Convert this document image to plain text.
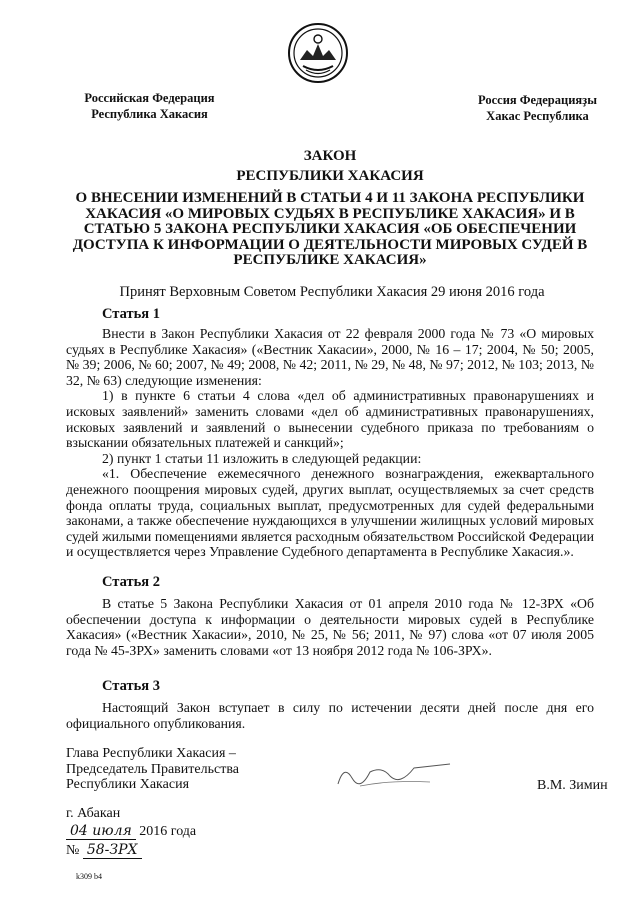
Российская Федерация
Республика Хакасия
Россия Федерацияҙы
Хакас Республика
ЗАКОН
РЕСПУБЛИКИ ХАКАСИЯ
О ВНЕСЕНИИ ИЗМЕНЕНИЙ В СТАТЬИ 4 И 11 ЗАКОНА РЕСПУБЛИКИ ХАКАСИЯ «О МИРОВЫХ СУДЬЯХ В РЕСПУБЛИКЕ ХАКАСИЯ» И В СТАТЬЮ 5 ЗАКОНА РЕСПУБЛИКИ ХАКАСИЯ «ОБ ОБЕСПЕЧЕНИИ ДОСТУПА К ИНФОРМАЦИИ О ДЕЯТЕЛЬНОСТИ МИРОВЫХ СУДЕЙ В РЕСПУБЛИКЕ ХАКАСИЯ»
Принят Верховным Советом Республики Хакасия 29 июня 2016 года
Статья 1

Внести в Закон Республики Хакасия от 22 февраля 2000 года № 73 «О мировых судьях в Республике Хакасия» («Вестник Хакасии», 2000, № 16 – 17; 2004, № 50; 2005, № 39; 2006, № 60; 2007, № 49; 2008, № 42; 2011, № 29, № 48, № 97; 2012, № 103; 2013, № 32, № 63) следующие изменения:

1) в пункте 6 статьи 4 слова «дел об административных правонарушениях и исковых заявлений» заменить словами «дел об административных правонарушениях, исковых заявлений и заявлений о вынесении судебного приказа по требованиям о взыскании обязательных платежей и санкций»;

2) пункт 1 статьи 11 изложить в следующей редакции:

«1. Обеспечение ежемесячного денежного вознаграждения, ежеквартального денежного поощрения мировых судей, других выплат, осуществляемых за счет средств фонда оплаты труда, социальных выплат, предусмотренных для судей федеральными законами, а также обеспечение нуждающихся в улучшении жилищных условий мировых судей жилыми помещениями является расходным обязательством Российской Федерации и осуществляется через Управление Судебного департамента в Республике Хакасия.».

Статья 2

В статье 5 Закона Республики Хакасия от 01 апреля 2010 года № 12-ЗРХ «Об обеспечении доступа к информации о деятельности мировых судей в Республике Хакасия» («Вестник Хакасии», 2010, № 25, № 56; 2011, № 97) слова «от 07 июля 2005 года № 45-ЗРХ» заменить словами «от 13 ноября 2012 года № 106-ЗРХ».

Статья 3

Настоящий Закон вступает в силу по истечении десяти дней после дня его официального опубликования.

Глава Республики Хакасия –
Председатель Правительства
Республики Хакасия	В.М. Зимин
г. Абакан
04 июля 2016 года
№ 58-ЗРХ
k309 b4
